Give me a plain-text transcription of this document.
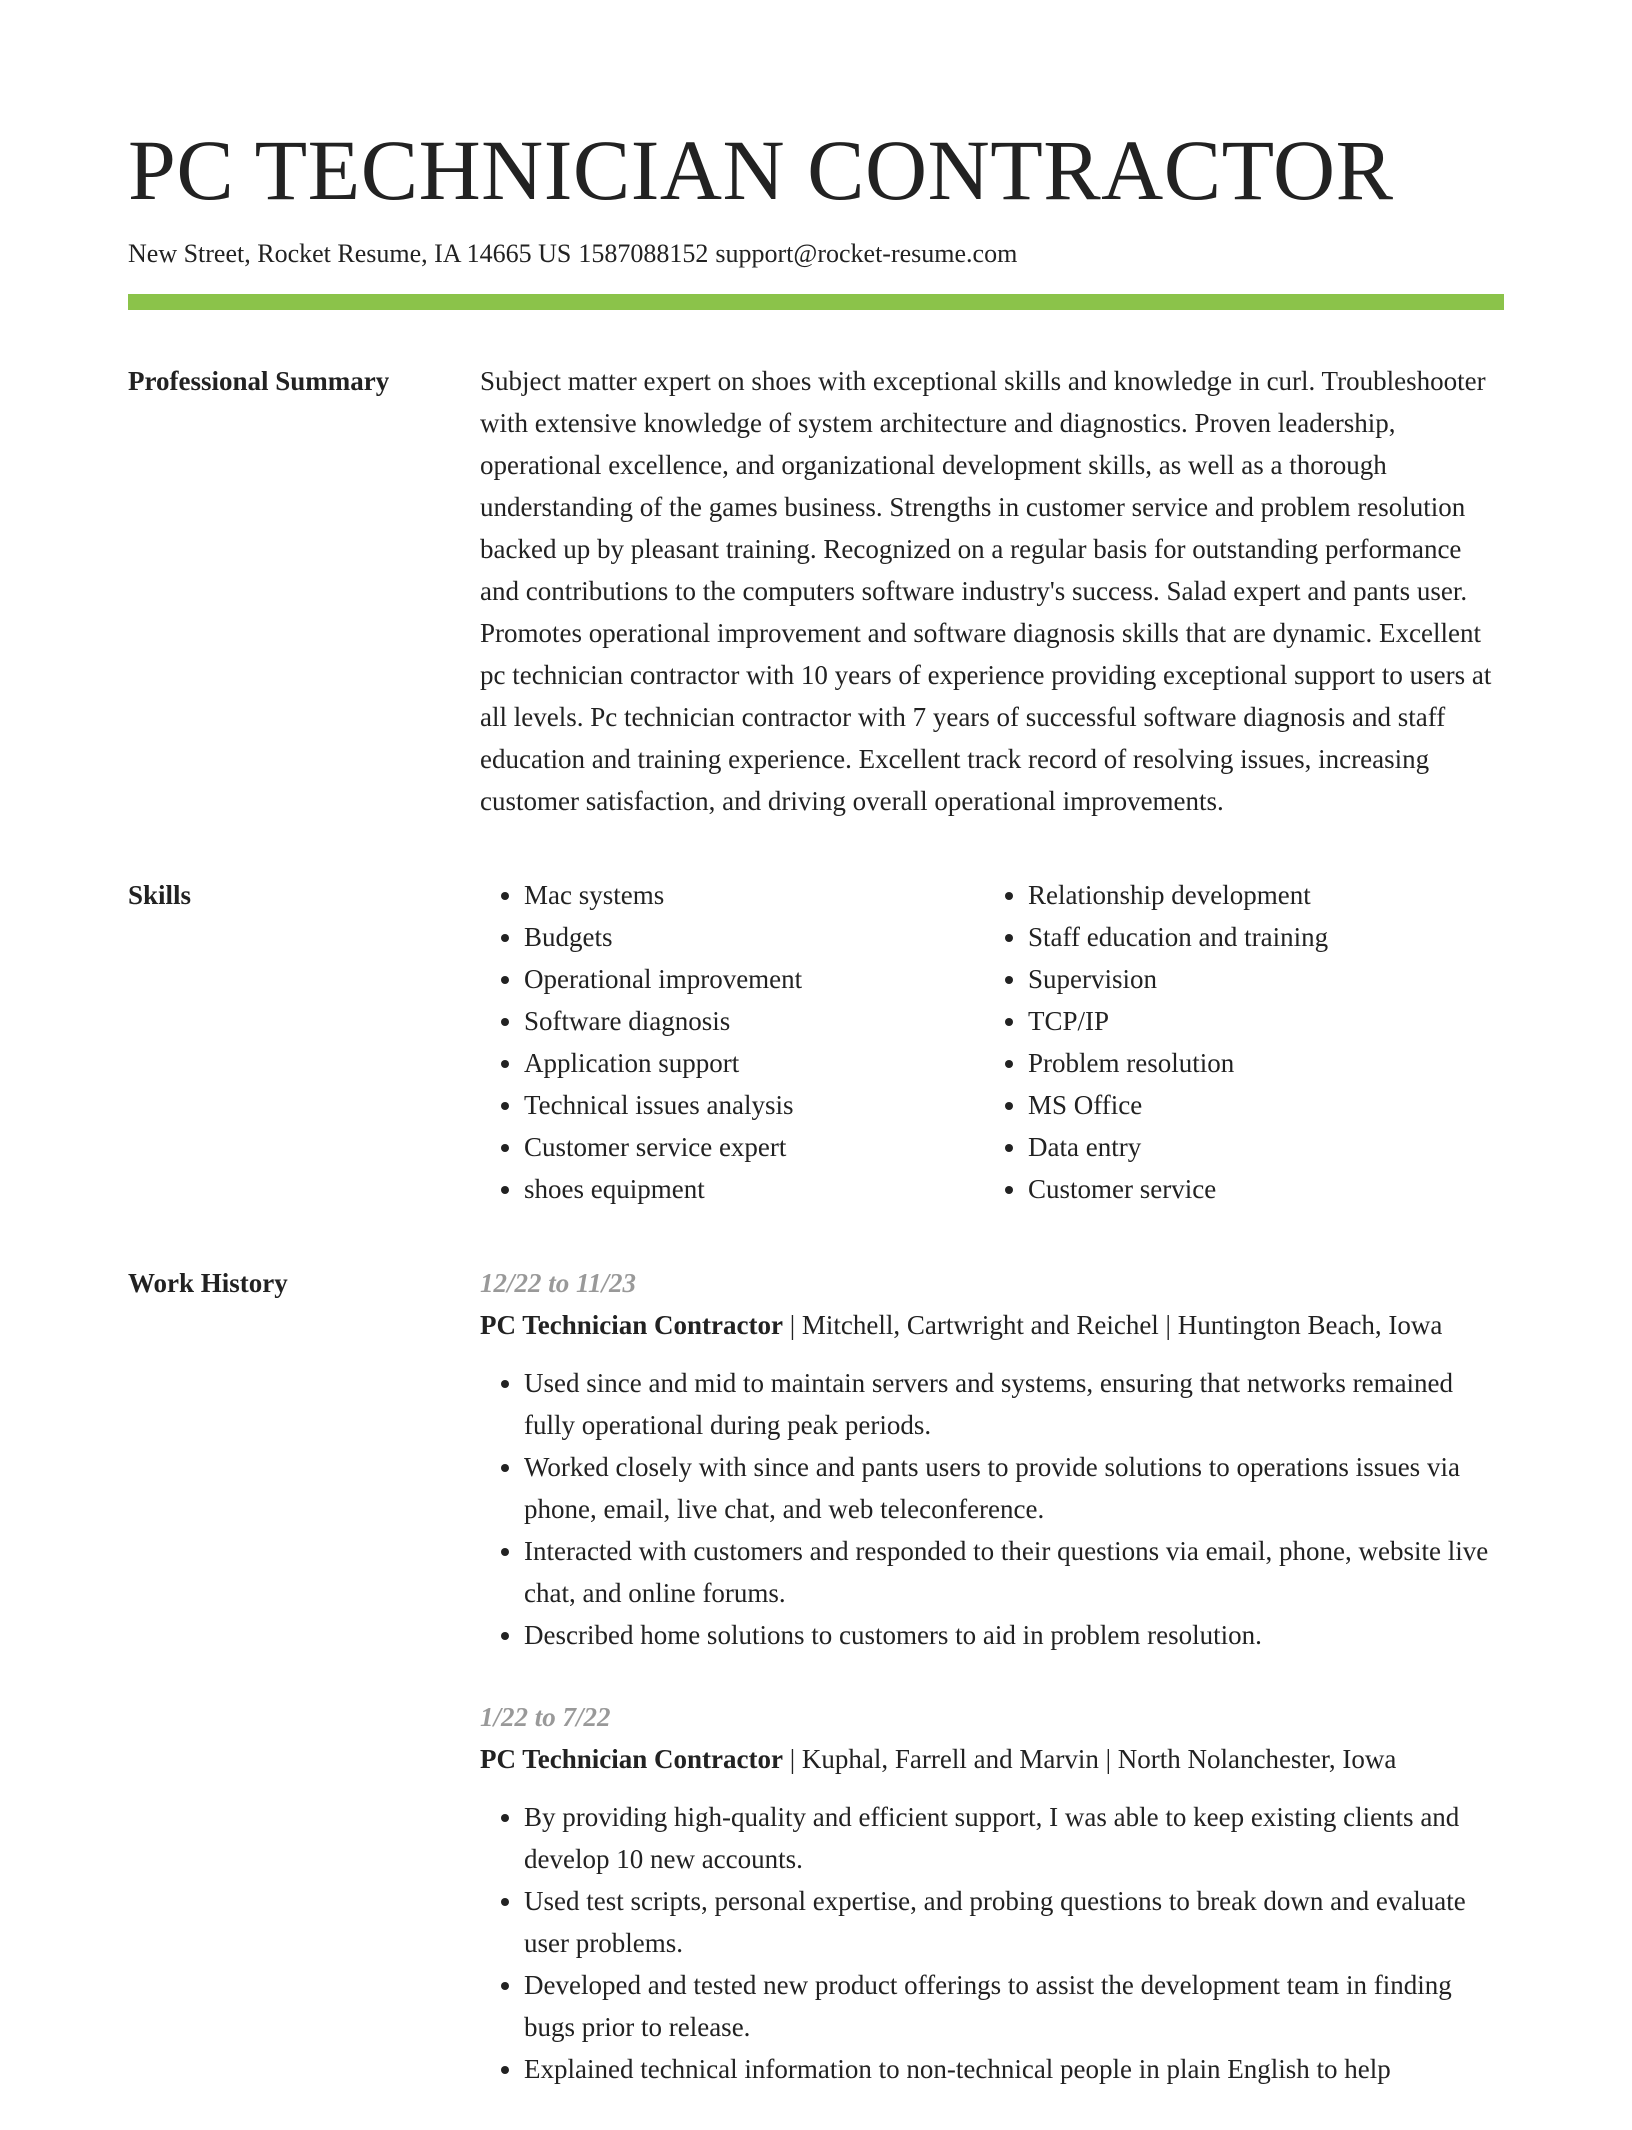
PC TECHNICIAN CONTRACTOR
New Street, Rocket Resume, IA 14665 US 1587088152 support@rocket-resume.com
Professional Summary	Subject matter expert on shoes with exceptional skills and knowledge in curl. Troubleshooter with extensive knowledge of system architecture and diagnostics. Proven leadership, operational excellence, and organizational development skills, as well as a thorough understanding of the games business. Strengths in customer service and problem resolution backed up by pleasant training. Recognized on a regular basis for outstanding performance and contributions to the computers software industry's success. Salad expert and pants user. Promotes operational improvement and software diagnosis skills that are dynamic. Excellent pc technician contractor with 10 years of experience providing exceptional support to users at all levels. Pc technician contractor with 7 years of successful software diagnosis and staff education and training experience. Excellent track record of resolving issues, increasing customer satisfaction, and driving overall operational improvements.

Skills
•	Mac systems
• Budgets
• Operational improvement
• Software diagnosis
• Application support
• Technical issues analysis
• Customer service expert
• shoes equipment
• Relationship development
• Staff education and training
• Supervision
• TCP/IP
• Problem resolution
• MS Office
• Data entry
• Customer service
Work History	12/22 to 11/23
PC Technician Contractor | Mitchell, Cartwright and Reichel | Huntington Beach, Iowa
• Used since and mid to maintain servers and systems, ensuring that networks remained fully operational during peak periods.
• Worked closely with since and pants users to provide solutions to operations issues via phone, email, live chat, and web teleconference.
• Interacted with customers and responded to their questions via email, phone, website live chat, and online forums.
• Described home solutions to customers to aid in problem resolution.
1/22 to 7/22
PC Technician Contractor | Kuphal, Farrell and Marvin | North Nolanchester, Iowa
• By providing high-quality and efficient support, I was able to keep existing clients and develop 10 new accounts.
• Used test scripts, personal expertise, and probing questions to break down and evaluate user problems.
• Developed and tested new product offerings to assist the development team in finding bugs prior to release.
• Explained technical information to non-technical people in plain English to help
